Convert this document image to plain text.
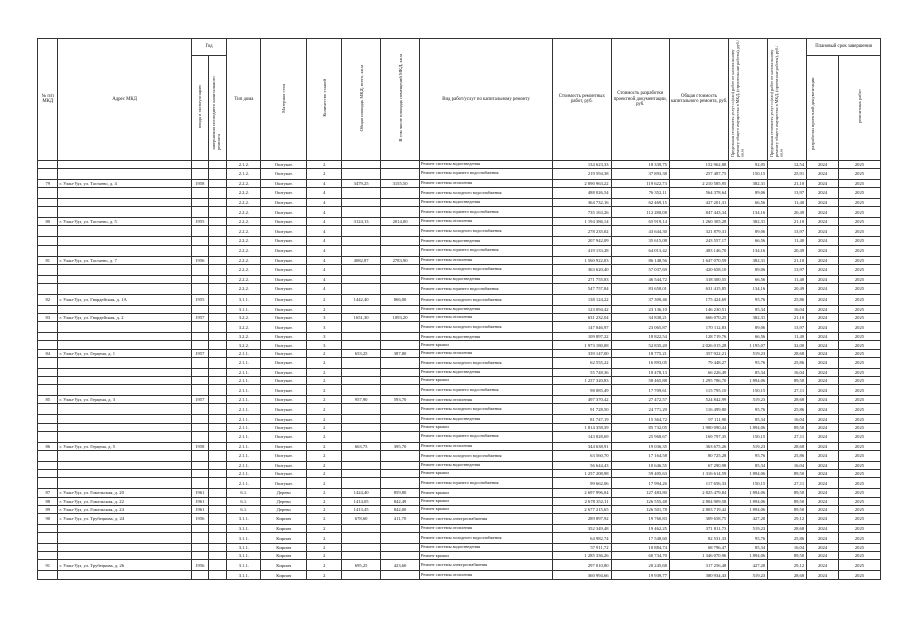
№ п/п МКД	Адрес МКД	Год		Тип дома	Материал стен	Количество этажей	Общая площадь МКД, всего, кв.м	В том числе площадь помещений МКД, кв.м	Вид работ/услуг по капитальному ремонту	Стоимость ремонтных работ, руб.	Стоимость разработки проектной документации, руб.	Общая стоимость капитального ремонта, руб.	Предельная стоимость услуг и (или) работ по капитальному ремонту общего имущества в МКД, (строительные работы), руб./кв.м	Предельная стоимость услуг и (или) работ по капитальному ремонту общего имущества в МКД, (проектные работы), руб./кв.м	Плановый срок завершения	
		ввода в эксплуатацию	завершения последнего капитального ремонта												разработки проектной документации	ремонтных работ
				2.1.2.	Оштукат.	2			Ремонт системы водоотведения	134 623,33	18 339,75	152 962,88	92,05	12,54	2024	2025
				2.1.2.	Оштукат.	2			Ремонт системы горячего водоснабжения	219 594,38	37 893,38	257 487,75	150,15	25,91	2024	2025
79	г. Улан-Удэ, ул. Тастаево, д. 4	1958		2.2.2.	Оштукат.	4	3479,25	3155,50	Ремонт системы отопления	2 090 963,22	119 622,73	2 210 585,95	382,31	21,10	2024	2025
				2.2.2.	Оштукат.	4			Ремонт системы холодного водоснабжения	488 026,54	76 352,11	564 378,64	89,06	13,97	2024	2025
				2.2.2.	Оштукат.	4			Ремонт системы водоотведения	364 732,16	62 469,15	427 201,31	66,56	11,40	2024	2025
				2.2.2.	Оштукат.	4			Ремонт системы горячего водоснабжения	735 163,26	112 280,08	847 443,34	134,16	20,49	2024	2025
80	г. Улан-Удэ, ул. Тастаево, д. 5	1955		2.2.2.	Оштукат.	4	3124,13	2014,00	Ремонт системы отопления	1 194 386,14	65 919,14	1 260 305,28	382,31	21,10	2024	2025
				2.2.2.	Оштукат.	4			Ремонт системы холодного водоснабжения	278 235,02	43 644,30	321 879,31	89,06	13,97	2024	2025
				2.2.2.	Оштукат.	4			Ремонт системы водоотведения	207 942,09	35 615,08	243 557,17	66,56	11,40	2024	2025
				2.2.2.	Оштукат.	4			Ремонт системы горячего водоснабжения	419 133,28	64 013,42	483 146,70	134,16	20,49	2024	2025
81	г. Улан-Удэ, ул. Тастаево, д. 7	1956		2.2.2.	Оштукат.	4	4082,87	2783,90	Ремонт системы отопления	1 560 922,03	86 148,56	1 647 070,59	382,31	21,10	2024	2025
				2.2.2.	Оштукат.	4			Ремонт системы холодного водоснабжения	363 620,40	57 037,69	420 658,10	89,06	13,97	2024	2025
				2.2.2.	Оштукат.	4			Ремонт системы водоотведения	271 755,83	46 544,72	318 300,55	66,56	11,40	2024	2025
				2.2.2.	Оштукат.	4			Ремонт системы горячего водоснабжения	547 757,84	83 658,01	631 415,85	134,16	20,49	2024	2025
82	г. Улан-Удэ, ул. Гвардейская, д. 1А	1955		3.1.1.	Оштукат.	2	1442,40	866,00	Ремонт системы холодного водоснабжения	138 124,22	37 300,46	175 424,69	95,76	25,86	2024	2025
				3.1.1.	Оштукат.	2			Ремонт системы водоотведения	123 094,42	23 136,10	146 230,51	85,34	16,04	2024	2025
83	г. Улан-Удэ, ул. Гвардейская, д. 2	1957		3.2.2.	Оштукат.	3	1651,30	1093,20	Ремонт системы отопления	631 232,04	34 838,21	666 070,25	382,31	21,10	2024	2025
				3.2.2.	Оштукат.	3			Ремонт системы холодного водоснабжения	147 046,97	23 065,87	170 112,83	89,06	13,97	2024	2025
				3.2.2.	Оштукат.	3			Ремонт системы водоотведения	109 897,22	18 822,54	128 719,76	66,56	11,40	2024	2025
				3.2.2.	Оштукат.	3			Ремонт крыши	1 973 180,08	52 835,20	2 026 015,28	1 195,07	32,00	2024	2025
84	г. Улан-Удэ, ул. Герцена, д. 1	1957		2.1.1.	Оштукат.	2	653,25	387,80	Ремонт системы отопления	339 147,00	18 775,21	357 922,21	519,23	28,68	2024	2025
				2.1.1.	Оштукат.	2			Ремонт системы холодного водоснабжения	62 555,22	16 893,05	79 448,27	95,76	25,86	2024	2025
				2.1.1.	Оштукат.	2			Ремонт системы водоотведения	55 748,36	10 478,13	66 226,49	85,34	16,04	2024	2025
				2.1.1.	Оштукат.	2			Ремонт крыши	1 237 320,83	58 465,88	1 295 786,70	1 894,06	89,50	2024	2025
				2.1.1.	Оштукат.	2			Ремонт системы горячего водоснабжения	98 085,49	17 709,61	115 795,10	150,15	27,11	2024	2025
85	г. Улан-Удэ, ул. Герцена, д. 3	1957		2.1.1.	Оштукат.	2	957,90	593,70	Ремонт системы отопления	497 370,42	27 472,57	524 842,99	519,23	28,68	2024	2025
				2.1.1.	Оштукат.	2			Ремонт системы холодного водоснабжения	91 728,50	24 771,29	116 499,80	95,76	25,86	2024	2025
				2.1.1.	Оштукат.	2			Ремонт системы водоотведения	81 747,19	15 364,72	97 111,90	85,34	16,04	2024	2025
				2.1.1.	Оштукат.	2			Ремонт крыши	1 814 358,39	85 732,05	1 900 090,44	1 894,06	89,50	2024	2025
				2.1.1.	Оштукат.	2			Ремонт системы горячего водоснабжения	143 828,69	25 968,67	169 797,35	150,15	27,11	2024	2025
86	г. Улан-Удэ, ул. Герцена, д. 5	1958		2.1.1.	Оштукат.	2	663,75	395,70	Ремонт системы отопления	344 638,91	19 036,35	363 675,26	519,23	28,68	2024	2025
				2.1.1.	Оштукат.	2			Ремонт системы холодного водоснабжения	63 560,70	17 164,58	80 725,28	95,76	25,86	2024	2025
				2.1.1.	Оштукат.	2			Ремонт системы водоотведения	56 644,43	10 646,55	67 290,98	85,34	16,04	2024	2025
				2.1.1.	Оштукат.	2			Ремонт крыши	1 257 208,98	59 405,63	1 316 614,59	1 894,06	89,50	2024	2025
				2.1.1.	Оштукат.	2			Ремонт системы горячего водоснабжения	99 662,06	17 994,26	117 656,33	150,15	27,11	2024	2025
87	г. Улан-Удэ, ул. Гомельская, д. 20	1961		6.1.	Дерево	2	1424,40	859,80	Ремонт крыши	2 697 996,04	127 483,80	2 825 479,84	1 894,06	89,50	2024	2025
88	г. Улан-Удэ, ул. Гомельская, д. 22	1961		6.1.	Дерево	2	1414,05	842,49	Ремонт крыши	2 678 352,11	126 555,48	2 804 909,58	1 894,06	89,50	2024	2025
89	г. Улан-Удэ, ул. Гомельская, д. 24	1961		6.1.	Дерево	2	1413,45	842,00	Ремонт крыши	2 677 215,65	126 501,78	2 803 719,42	1 894,06	89,50	2024	2025
90	г. Улан-Удэ, ул. Трубецкова, д. 24	1956		3.1.1.	Кирпич	2	678,60	411,70	Ремонт системы электроснабжения	289 897,92	19 760,83	309 658,75	427,20	29,12	2024	2025
				3.1.1.	Кирпич	2			Ремонт системы отопления	352 349,48	19 462,25	371 811,73	519,23	28,68	2024	2025
				3.1.1.	Кирпич	2			Ремонт системы холодного водоснабжения	64 982,74	17 548,60	82 531,33	95,76	25,86	2024	2025
				3.1.1.	Кирпич	2			Ремонт системы водоотведения	57 911,72	10 884,74	68 796,47	85,34	16,04	2024	2025
				3.1.1.	Кирпич	2			Ремонт крыши	1 285 336,26	60 734,70	1 346 070,96	1 894,06	89,50	2024	2025
91	г. Улан-Удэ, ул. Трубецкова, д. 26	1956		3.1.1.	Кирпич	2	695,25	423,60	Ремонт системы электроснабжения	297 010,80	20 245,68	317 256,48	427,20	29,12	2024	2025
				3.1.1.	Кирпич	2			Ремонт системы отопления	360 994,66	19 939,77	380 934,43	519,23	28,68	2024	2025
